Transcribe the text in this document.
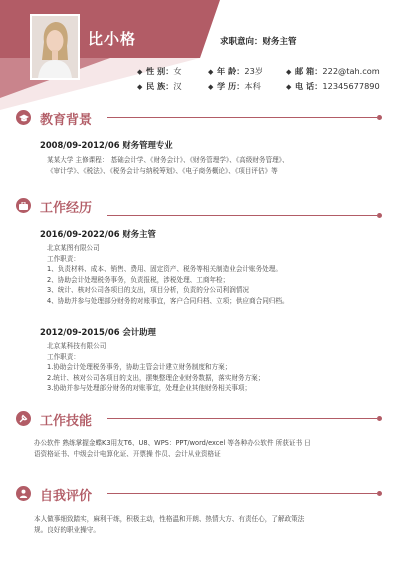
比小格	求职意向：财务主管
◆ 性 别：女	◆ 年 龄：23岁	◆ 邮 箱：222@tah.com
◆ 民 族：汉	◆ 学 历：本科	◆ 电 话：12345677890
教育背景
2008/09-2012/06 财务管理专业
某某大学 主修课程： 基础会计学、《财务会计》、《财务管理学》、《高级财务管理》、
《审计学》、《税法》、《税务会计与纳税筹划》、《电子商务概论》、《项目评估》等
工作经历
2016/09-2022/06 财务主管
北京某图有限公司
工作职责：
1、负责材料、成本、销售、费用、固定资产、税务等相关制造业会计账务处理。
2、协助会计处理税务事务，负责报税，涉税处理、工商年检；
3、统计、核对公司各项目的支出，项目分析，负责的分公司利润情况
4、协助并参与处理部分财务的对账事宜，客户合同归档、立项；供应商合同归档。
2012/09-2015/06 会计助理
北京某科技有限公司
工作职责：
1.协助会计处理税务事务，协助主管会计建立财务制度和方案；
2.统计、核对公司各项目的支出，摆集整理企业财务数据，落实财务方案；
3.协助并参与处理部分财务的对账事宜，处理企业其他财务相关事项；
工作技能
办公软件 熟练掌握金蝶K3用友T6、U8、WPS：PPT/word/excel 等各种办公软件 所获证书 日
语资格证书、中级会计电算化证、开票操 作员、会计从业资格证
自我评价
本人做事细致踏实，麻利干练，积极主动，性格温和开朗、热情大方、有责任心，了解政策法
规。良好的职业操守。
